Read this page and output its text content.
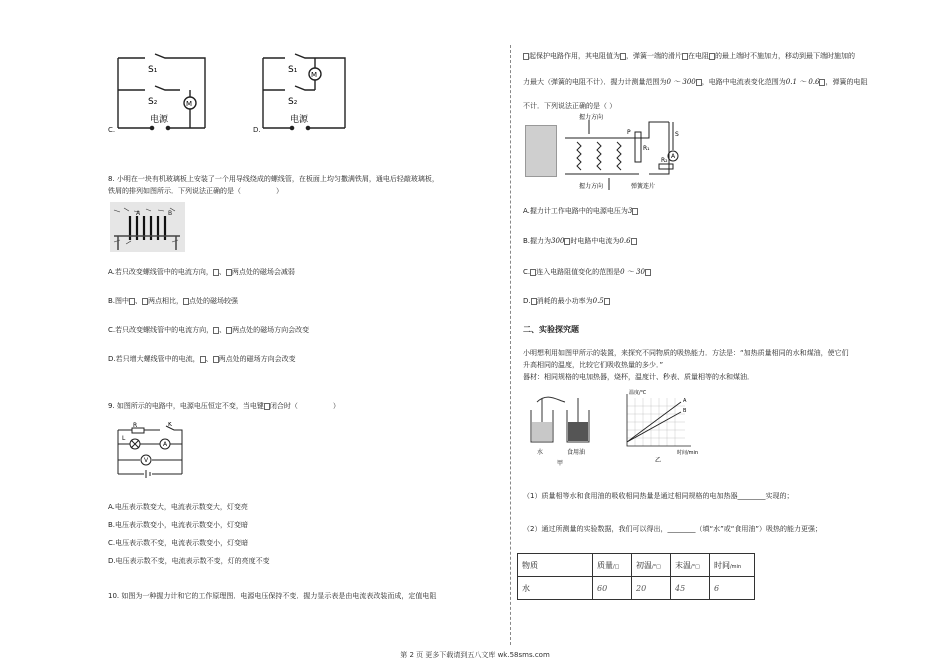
S₁
S₂	M
电源
C.
S₁
S₂
M
电源
D.
8. 小明在一块有机玻璃板上安装了一个用导线绕成的螺线管，在板面上均匀撒满铁屑，通电后轻敲玻璃板，
铁屑的排列如图所示．下列说法正确的是（　　　　　）
A	B
A.若只改变螺线管中的电流方向， 、 两点处的磁场会减弱
B.图中 、 两点相比， 点处的磁场较强
C.若只改变螺线管中的电流方向， 、 两点处的磁场方向会改变
D.若只增大螺线管中的电流， 、 两点处的磁场方向会改变
9. 如图所示的电路中，电源电压恒定不变，当电键 闭合时（　　　　　）
R	K
L
A
V
A.电压表示数变大，电流表示数变大，灯变亮
B.电压表示数变小，电流表示数变小，灯变暗
C.电压表示数不变，电流表示数变小，灯变暗
D.电压表示数不变，电流表示数不变，灯的亮度不变
10. 如图为一种握力计和它的工作原理图．电源电压保持不变．握力显示表是由电流表改装而成，定值电阻
起保护电路作用，其电阻值为 ，弹簧一端的滑片 在电阻 的最上端时不施加力，移动到最下端时施加的
力最大（弹簧的电阻不计）．握力计测量范围为0 ～ 300 ，电路中电流表变化范围为0.1 ～ 0.6 ，弹簧的电阻
不计．下列说法正确的是（ ）
握力方向
握力方向	弹簧连片
P
R₁
R₂
S
A
A.握力计工作电路中的电源电压为3
B.握力为300 时电路中电流为0.6
C. 连入电路阻值变化的范围是0 ～ 30
D. 消耗的最小功率为0.5
二、实验探究题
小明想利用如图甲所示的装置，来探究不同物质的吸热能力．方法是：“加热质量相同的水和煤油，使它们
升高相同的温度，比较它们吸收热量的多少．”
器材：相同规格的电加热器，烧杯，温度计、秒表、质量相等的水和煤油．
水	食用油
甲
温度/℃
时间/min
A
B
乙
（1）质量相等水和食用油的吸收相同热量是通过相同规格的电加热器________实现的；
（2）通过所测量的实验数据，我们可以得出，________（填“水”或“食用油”）吸热的能力更强；
物质	质量/□	初温/°□	末温/°□	时间/min
水	60	20	45	6
第 2 页 更多下载请到五八文库 wk.58sms.com
